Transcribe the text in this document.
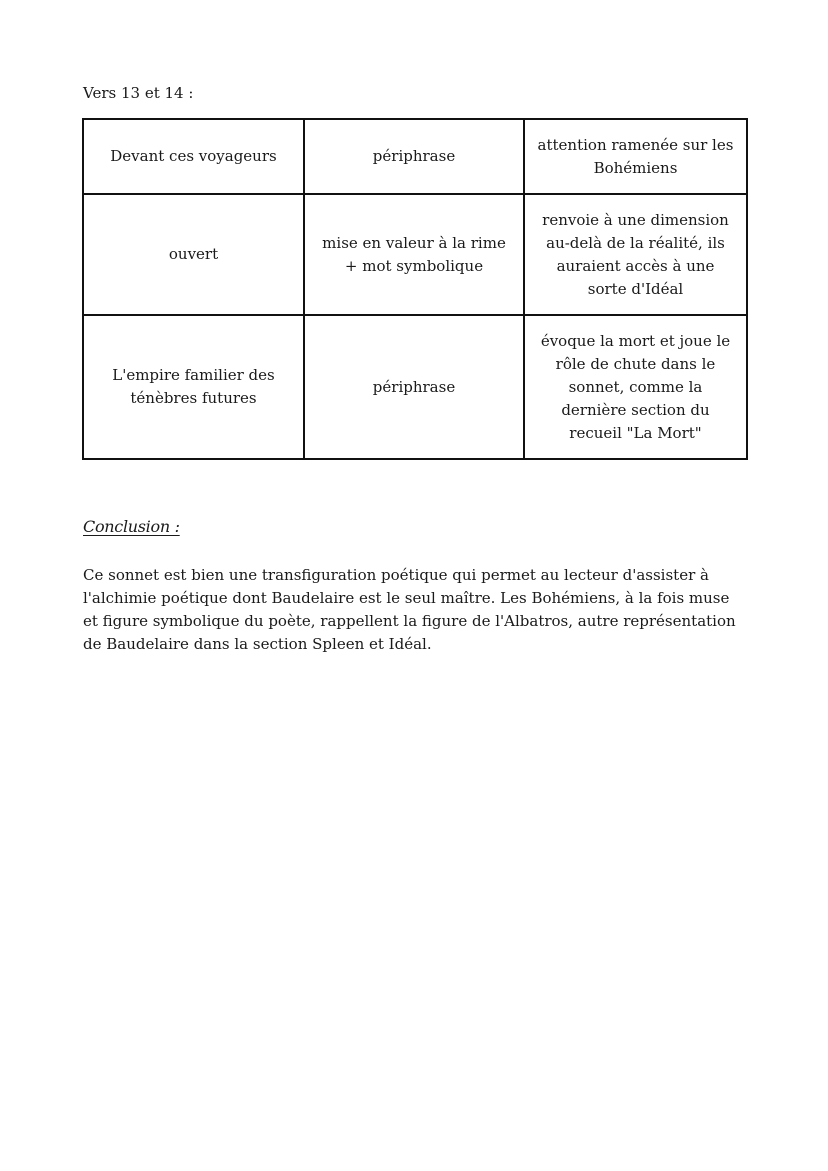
Vers 13 et 14 :
Devant ces voyageurs	périphrase	attention ramenée sur les Bohémiens
ouvert	mise en valeur à la rime + mot symbolique	renvoie à une dimension au-delà de la réalité, ils auraient accès à une sorte d'Idéal
L'empire familier des ténèbres futures	périphrase	évoque la mort et joue le rôle de chute dans le sonnet, comme la dernière section du recueil "La Mort"
Conclusion :

Ce sonnet est bien une transfiguration poétique qui permet au lecteur d'assister à l'alchimie poétique dont Baudelaire est le seul maître. Les Bohémiens, à la fois muse et figure symbolique du poète, rappellent la figure de l'Albatros, autre représentation de Baudelaire dans la section Spleen et Idéal.
